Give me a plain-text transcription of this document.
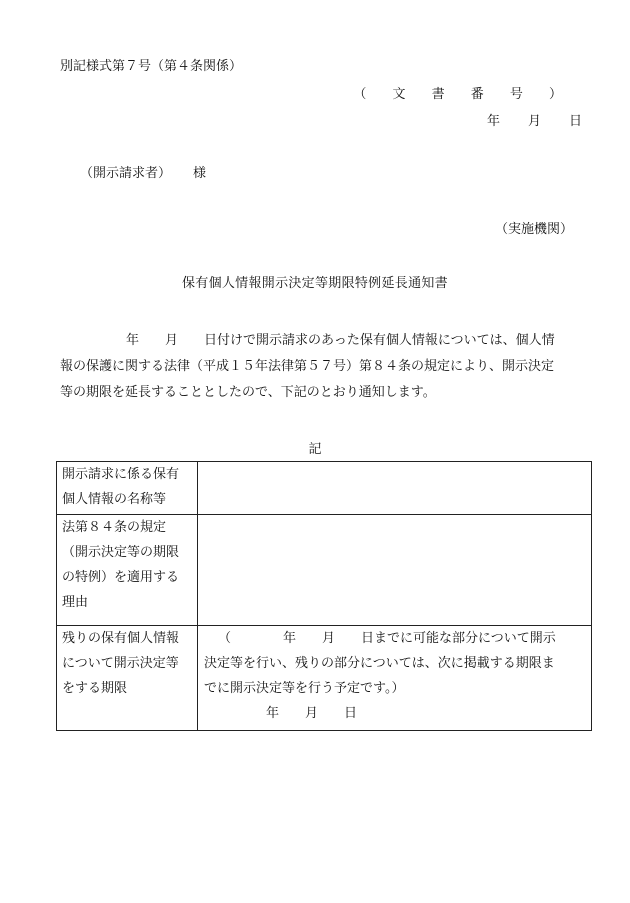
別記様式第７号（第４条関係）
（ 文 書 番 号 ）
年 月 日
（開示請求者） 様
（実施機関）
保有個人情報開示決定等期限特例延長通知書
年 月 日付けで開示請求のあった保有個人情報については、個人情
報の保護に関する法律（平成１５年法律第５７号）第８４条の規定により、開示決定
等の期限を延長することとしたので、下記のとおり通知します。
記
開示請求に係る保有
個人情報の名称等	

法第８４条の規定
（開示決定等の期限
の特例）を適用する
理由	

残りの保有個人情報
について開示決定等
をする期限	（ 年 月 日までに可能な部分について開示
決定等を行い、残りの部分については、次に掲載する期限ま
でに開示決定等を行う予定です。）
年 月 日
